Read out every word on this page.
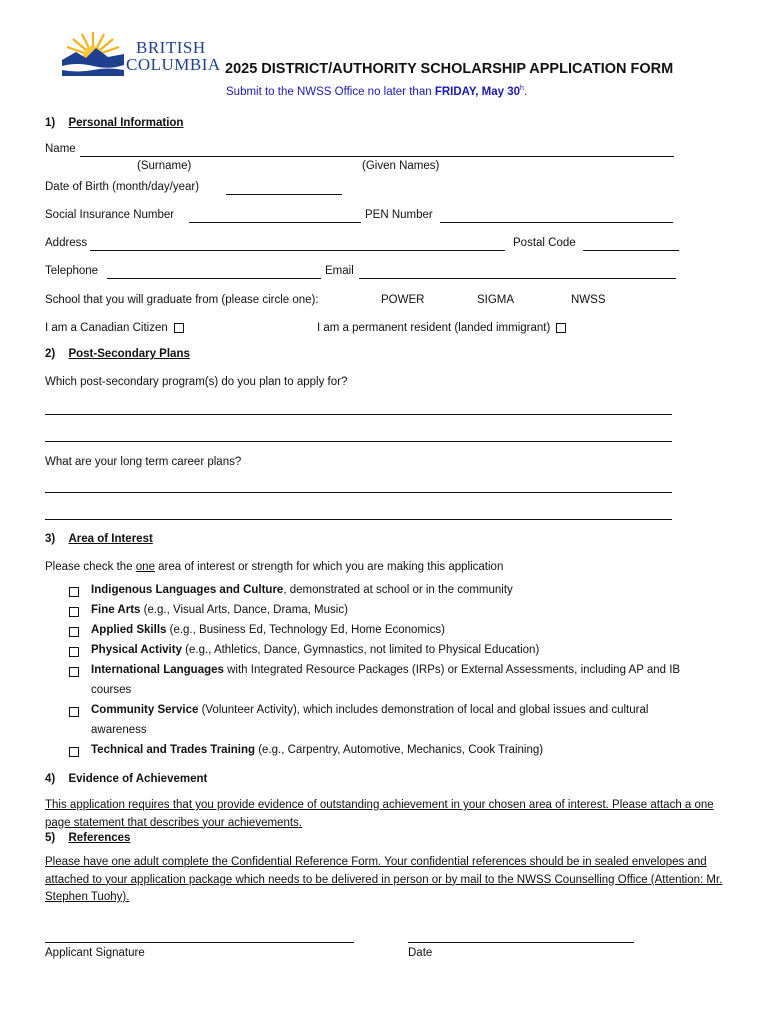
BRITISH
COLUMBIA 2025 DISTRICT/AUTHORITY SCHOLARSHIP APPLICATION FORM
Submit to the NWSS Office no later than FRIDAY, May 30$^h$.
1) Personal Information
Name
(Surname)	(Given Names)
Date of Birth (month/day/year)
Social Insurance Number	PEN Number
Address	Postal Code
Telephone	Email
School that you will graduate from (please circle one):	POWER	SIGMA	NWSS
I am a Canadian Citizen	I am a permanent resident (landed immigrant)
2) Post-Secondary Plans
Which post-secondary program(s) do you plan to apply for?
What are your long term career plans?
3) Area of Interest
Please check the one area of interest or strength for which you are making this application
Indigenous Languages and Culture, demonstrated at school or in the community
Fine Arts (e.g., Visual Arts, Dance, Drama, Music)
Applied Skills (e.g., Business Ed, Technology Ed, Home Economics)
Physical Activity (e.g., Athletics, Dance, Gymnastics, not limited to Physical Education)
International Languages with Integrated Resource Packages (IRPs) or External Assessments, including AP and IB
courses
Community Service (Volunteer Activity), which includes demonstration of local and global issues and cultural
awareness
Technical and Trades Training (e.g., Carpentry, Automotive, Mechanics, Cook Training)
4) Evidence of Achievement
This application requires that you provide evidence of outstanding achievement in your chosen area of interest. Please attach a one page statement that describes your achievements.
5) References
Please have one adult complete the Confidential Reference Form. Your confidential references should be in sealed envelopes and attached to your application package which needs to be delivered in person or by mail to the NWSS Counselling Office (Attention: Mr. Stephen Tuohy).
Applicant Signature	Date
